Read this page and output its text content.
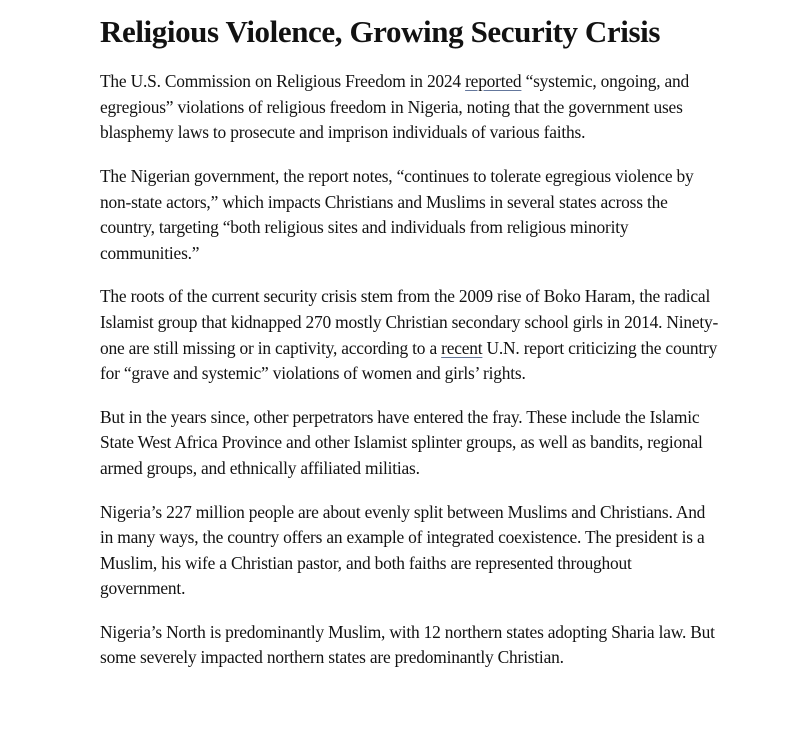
Religious Violence, Growing Security Crisis

The U.S. Commission on Religious Freedom in 2024 reported “systemic, ongoing, and egregious” violations of religious freedom in Nigeria, noting that the government uses blasphemy laws to prosecute and imprison individuals of various faiths.

The Nigerian government, the report notes, “continues to tolerate egregious violence by non-state actors,” which impacts Christians and Muslims in several states across the country, targeting “both religious sites and individuals from religious minority communities.”

The roots of the current security crisis stem from the 2009 rise of Boko Haram, the radical Islamist group that kidnapped 270 mostly Christian secondary school girls in 2014. Ninety-one are still missing or in captivity, according to a recent U.N. report criticizing the country for “grave and systemic” violations of women and girls’ rights.

But in the years since, other perpetrators have entered the fray. These include the Islamic State West Africa Province and other Islamist splinter groups, as well as bandits, regional armed groups, and ethnically affiliated militias.

Nigeria’s 227 million people are about evenly split between Muslims and Christians. And in many ways, the country offers an example of integrated coexistence. The president is a Muslim, his wife a Christian pastor, and both faiths are represented throughout government.

Nigeria’s North is predominantly Muslim, with 12 northern states adopting Sharia law. But some severely impacted northern states are predominantly Christian.
